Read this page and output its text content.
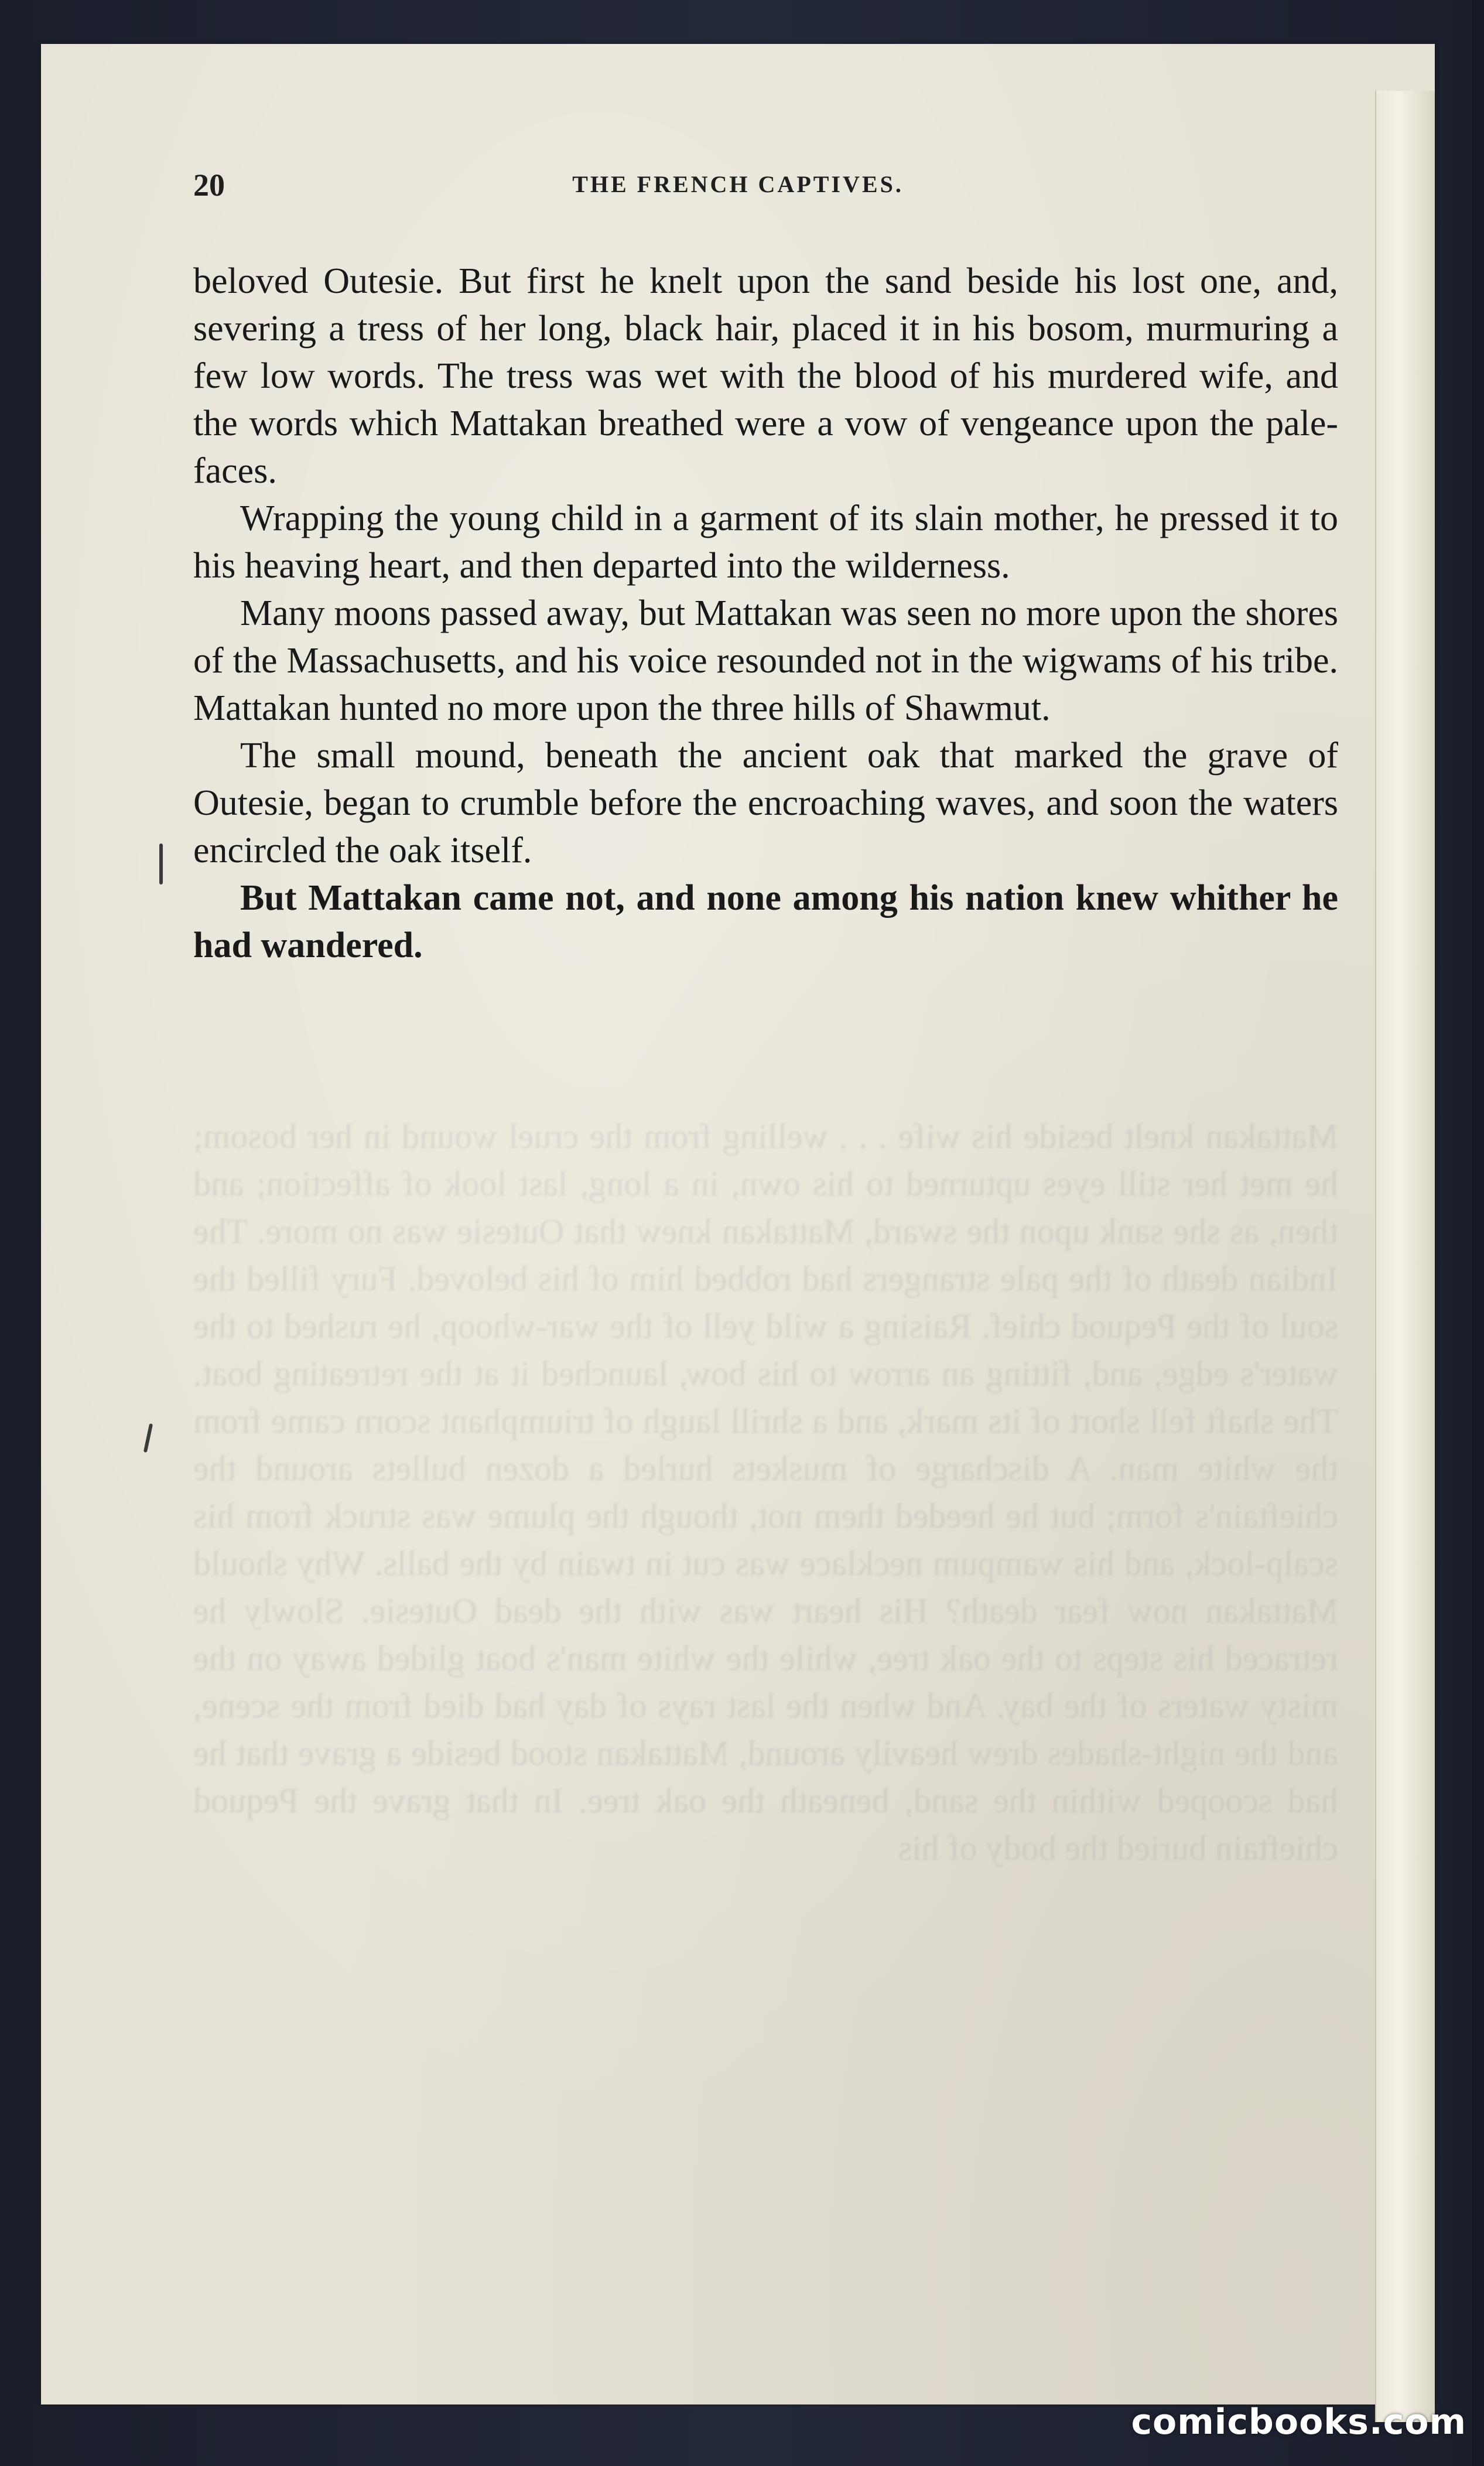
Mattakan knelt beside his wife . . . welling from the cruel wound in her bosom; he met her still eyes upturned to his own, in a long, last look of affection; and then, as she sank upon the sward, Mattakan knew that Outesie was no more. The Indian death of the pale strangers had robbed him of his beloved. Fury filled the soul of the Pequod chief. Raising a wild yell of the war-whoop, he rushed to the water's edge, and, fitting an arrow to his bow, launched it at the retreating boat. The shaft fell short of its mark, and a shrill laugh of triumphant scorn came from the white man. A discharge of muskets hurled a dozen bullets around the chieftain's form; but he heeded them not, though the plume was struck from his scalp-lock, and his wampum necklace was cut in twain by the balls. Why should Mattakan now fear death? His heart was with the dead Outesie. Slowly he retraced his steps to the oak tree, while the white man's boat glided away on the misty waters of the bay. And when the last rays of day had died from the scene, and the night-shades drew heavily around, Mattakan stood beside a grave that he had scooped within the sand, beneath the oak tree. In that grave the Pequod chieftain buried the body of his
20	THE FRENCH CAPTIVES.

beloved Outesie. But first he knelt upon the sand beside his lost one, and, severing a tress of her long, black hair, placed it in his bosom, murmuring a few low words. The tress was wet with the blood of his murdered wife, and the words which Mattakan breathed were a vow of vengeance upon the pale-faces.

Wrapping the young child in a garment of its slain mother, he pressed it to his heaving heart, and then departed into the wilderness.

Many moons passed away, but Mattakan was seen no more upon the shores of the Massachusetts, and his voice resounded not in the wigwams of his tribe. Mattakan hunted no more upon the three hills of Shawmut.

The small mound, beneath the ancient oak that marked the grave of Outesie, began to crumble before the encroaching waves, and soon the waters encircled the oak itself.

But Mattakan came not, and none among his nation knew whither he had wandered.

comicbooks.com
